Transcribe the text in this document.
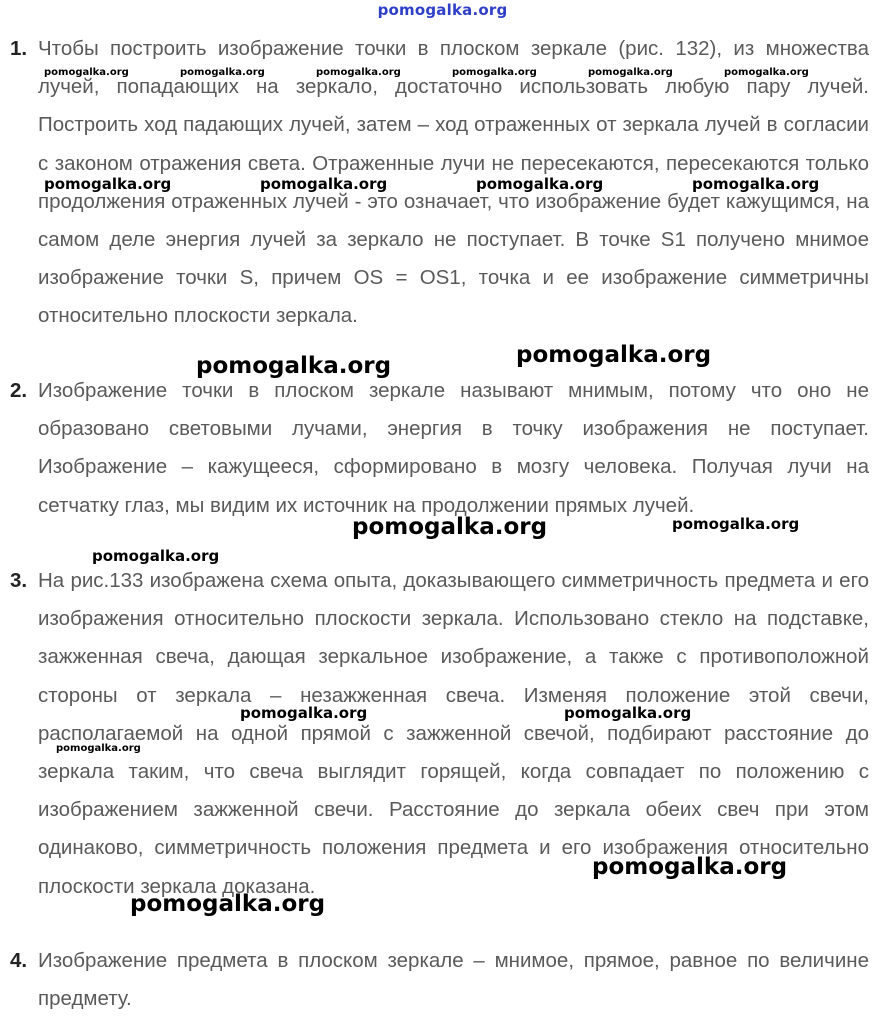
pomogalka.org
1. Чтобы построить изображение точки в плоском зеркале (рис. 132), из множества лучей, попадающих на зеркало, достаточно использовать любую пару лучей. Построить ход падающих лучей, затем – ход отраженных от зеркала лучей в согласии с законом отражения света. Отраженные лучи не пересекаются, пересекаются только продолжения отраженных лучей - это означает, что изображение будет кажущимся, на самом деле энергия лучей за зеркало не поступает. В точке S1 получено мнимое изображение точки S, причем OS = OS1, точка и ее изображение симметричны относительно плоскости зеркала.
2. Изображение точки в плоском зеркале называют мнимым, потому что оно не образовано световыми лучами, энергия в точку изображения не поступает. Изображение – кажущееся, сформировано в мозгу человека. Получая лучи на сетчатку глаз, мы видим их источник на продолжении прямых лучей.
3. На рис.133 изображена схема опыта, доказывающего симметричность предмета и его изображения относительно плоскости зеркала. Использовано стекло на подставке, зажженная свеча, дающая зеркальное изображение, а также с противоположной стороны от зеркала – незажженная свеча. Изменяя положение этой свечи, располагаемой на одной прямой с зажженной свечой, подбирают расстояние до зеркала таким, что свеча выглядит горящей, когда совпадает по положению с изображением зажженной свечи. Расстояние до зеркала обеих свеч при этом одинаково, симметричность положения предмета и его изображения относительно плоскости зеркала доказана.
4. Изображение предмета в плоском зеркале – мнимое, прямое, равное по величине предмету.
pomogalka.org	pomogalka.org	pomogalka.org	pomogalka.org	pomogalka.org	pomogalka.org
pomogalka.org	pomogalka.org	pomogalka.org	pomogalka.org
pomogalka.org	pomogalka.org
pomogalka.org	pomogalka.org
pomogalka.org
pomogalka.org	pomogalka.org
pomogalka.org
pomogalka.org
pomogalka.org
